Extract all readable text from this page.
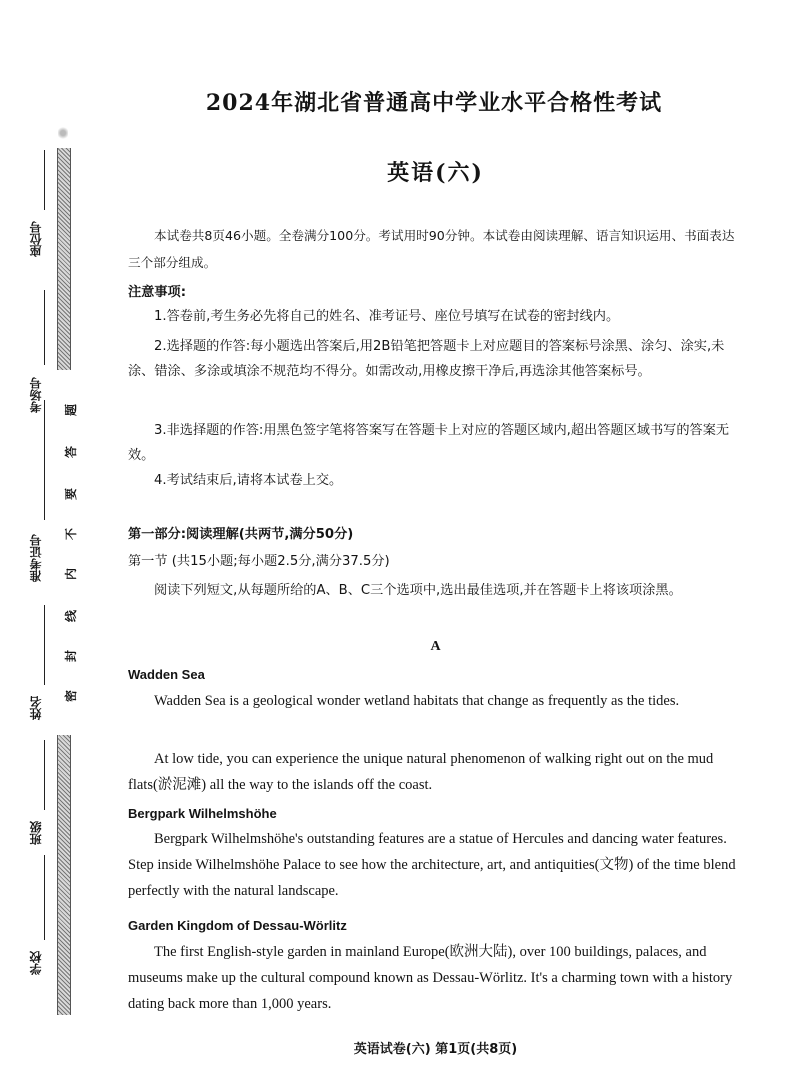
座位号
考场号
准考证号
姓名
班级
学校
题
答
要
不
内
线
封
密
2024年湖北省普通高中学业水平合格性考试
英语(六)

本试卷共8页46小题。全卷满分100分。考试用时90分钟。本试卷由阅读理解、语言知识运用、书面表达三个部分组成。

注意事项:

1.答卷前,考生务必先将自己的姓名、准考证号、座位号填写在试卷的密封线内。

2.选择题的作答:每小题选出答案后,用2B铅笔把答题卡上对应题目的答案标号涂黑、涂匀、涂实,未涂、错涂、多涂或填涂不规范均不得分。如需改动,用橡皮擦干净后,再选涂其他答案标号。

3.非选择题的作答:用黑色签字笔将答案写在答题卡上对应的答题区域内,超出答题区域书写的答案无效。

4.考试结束后,请将本试卷上交。

第一部分:阅读理解(共两节,满分50分)

第一节 (共15小题;每小题2.5分,满分37.5分)

阅读下列短文,从每题所给的A、B、C三个选项中,选出最佳选项,并在答题卡上将该项涂黑。

A

Wadden Sea

Wadden Sea is a geological wonder wetland habitats that change as frequently as the tides.

At low tide, you can experience the unique natural phenomenon of walking right out on the mud flats(淤泥滩) all the way to the islands off the coast.

Bergpark Wilhelmshöhe

Bergpark Wilhelmshöhe's outstanding features are a statue of Hercules and dancing water features. Step inside Wilhelmshöhe Palace to see how the architecture, art, and antiquities(文物) of the time blend perfectly with the natural landscape.

Garden Kingdom of Dessau-Wörlitz

The first English-style garden in mainland Europe(欧洲大陆), over 100 buildings, palaces, and museums make up the cultural compound known as Dessau-Wörlitz. It's a charming town with a history dating back more than 1,000 years.

英语试卷(六) 第1页(共8页)
